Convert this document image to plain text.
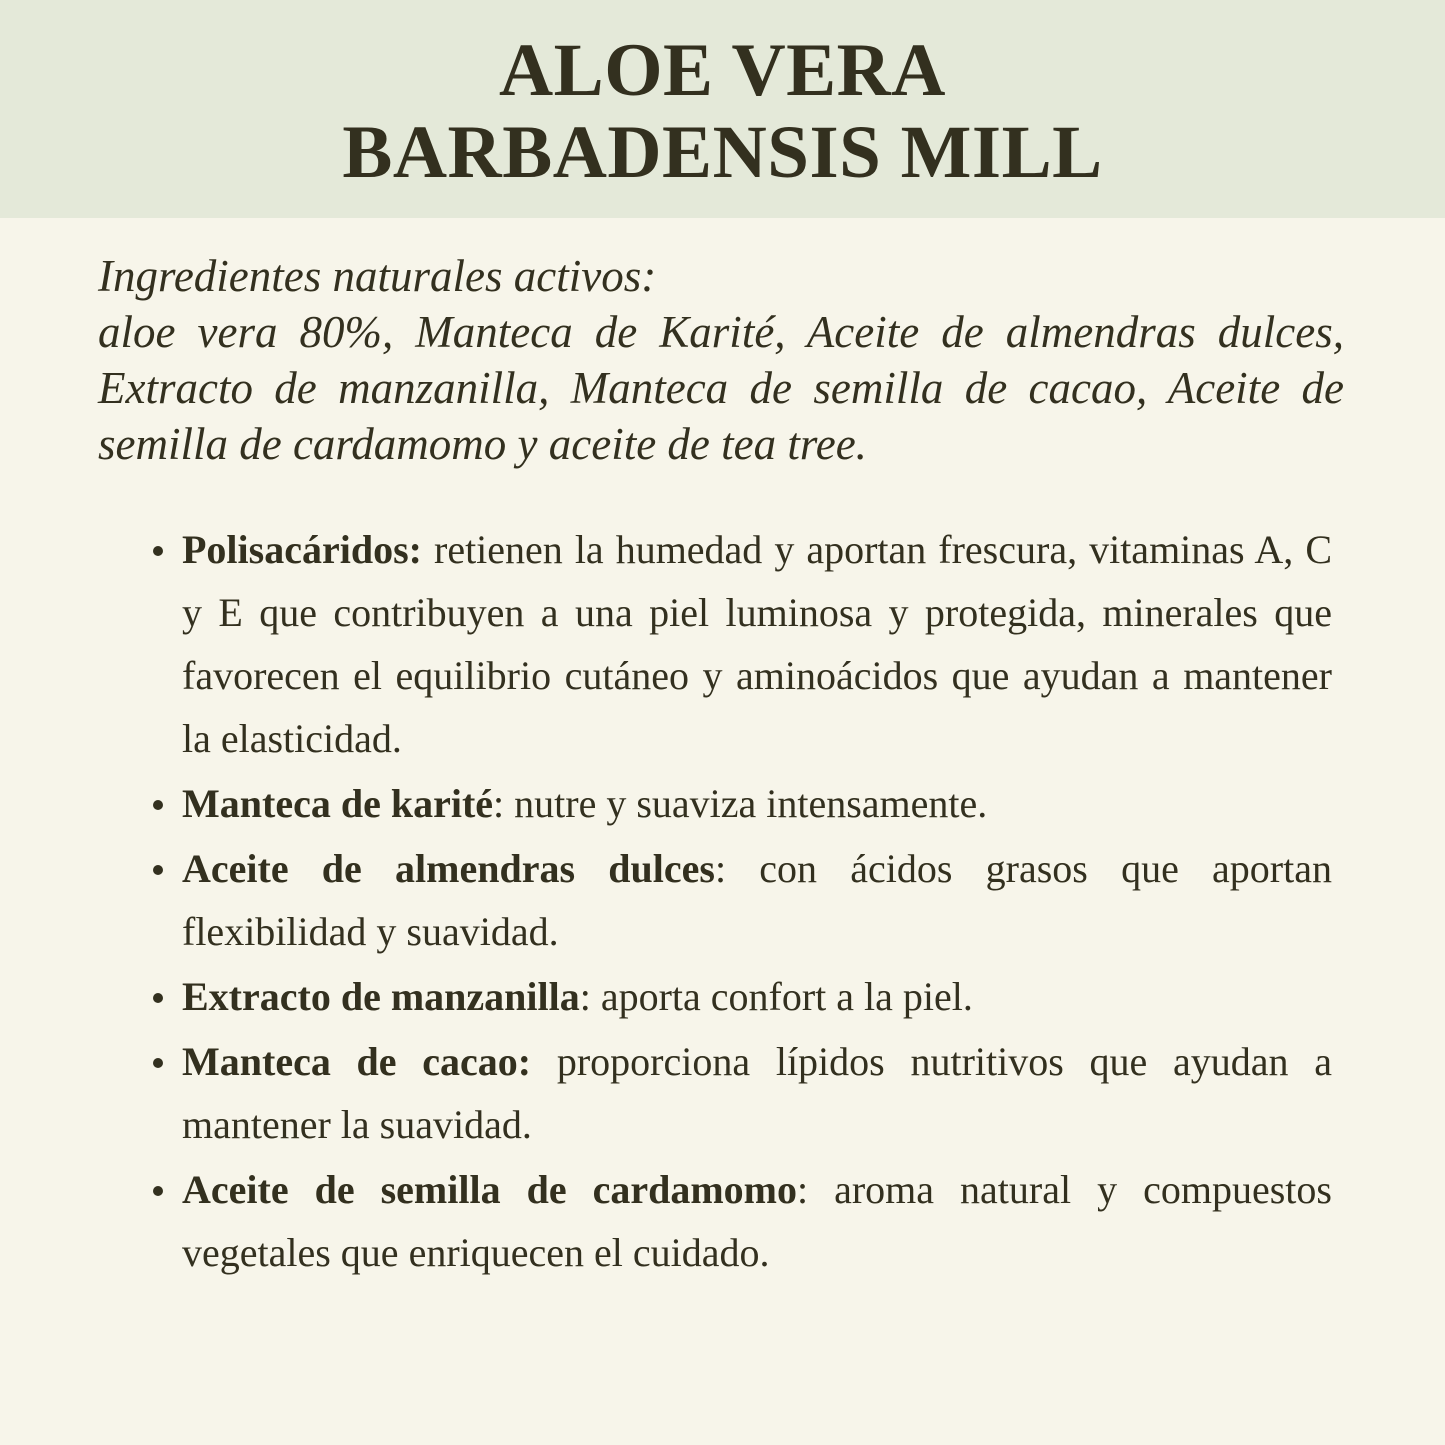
ALOE VERA
BARBADENSIS MILL
Ingredientes naturales activos:
aloe vera 80%, Manteca de Karité, Aceite de almendras dulces, Extracto de manzanilla, Manteca de semilla de cacao, Aceite de semilla de cardamomo y aceite de tea tree.
Polisacáridos: retienen la humedad y aportan frescura, vitaminas A, C y E que contribuyen a una piel luminosa y protegida, minerales que favorecen el equilibrio cutáneo y aminoácidos que ayudan a mantener la elasticidad.
Manteca de karité: nutre y suaviza intensamente.
Aceite de almendras dulces: con ácidos grasos que aportan flexibilidad y suavidad.
Extracto de manzanilla: aporta confort a la piel.
Manteca de cacao: proporciona lípidos nutritivos que ayudan a mantener la suavidad.
Aceite de semilla de cardamomo: aroma natural y compuestos vegetales que enriquecen el cuidado.
